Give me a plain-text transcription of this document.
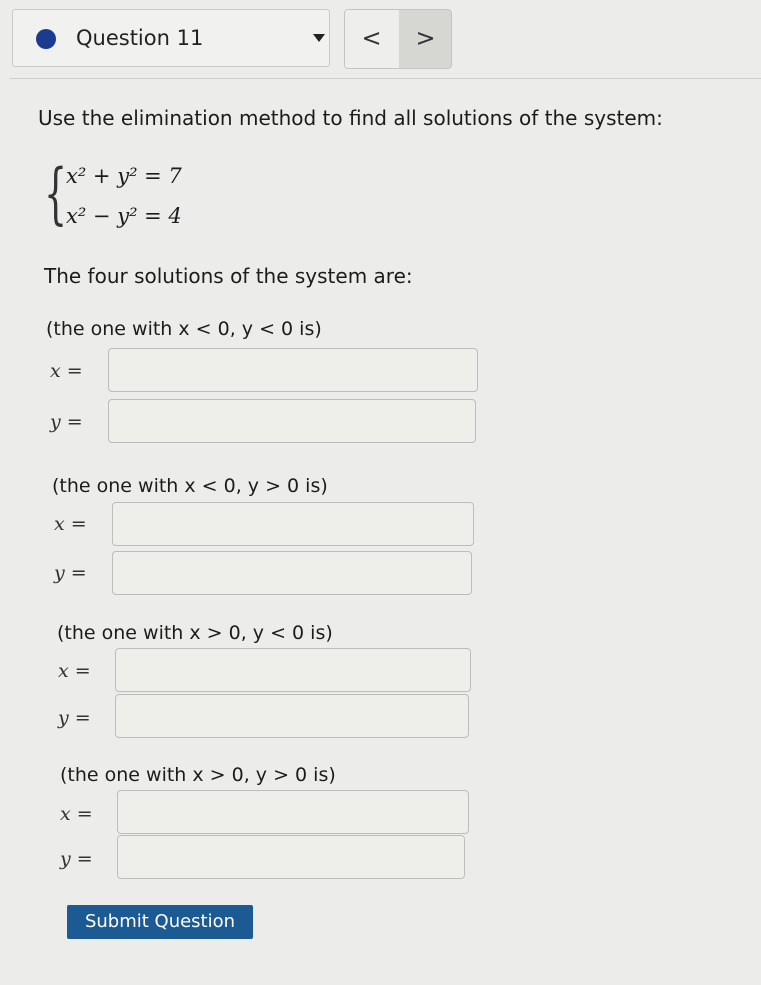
Question 11	<	>
Use the elimination method to find all solutions of the system:
{
x² + y² = 7
x² − y² = 4
The four solutions of the system are:
(the one with x < 0, y < 0 is)
x =
y =
(the one with x < 0, y > 0 is)
x =
y =
(the one with x > 0, y < 0 is)
x =
y =
(the one with x > 0, y > 0 is)
x =
y =
Submit Question
